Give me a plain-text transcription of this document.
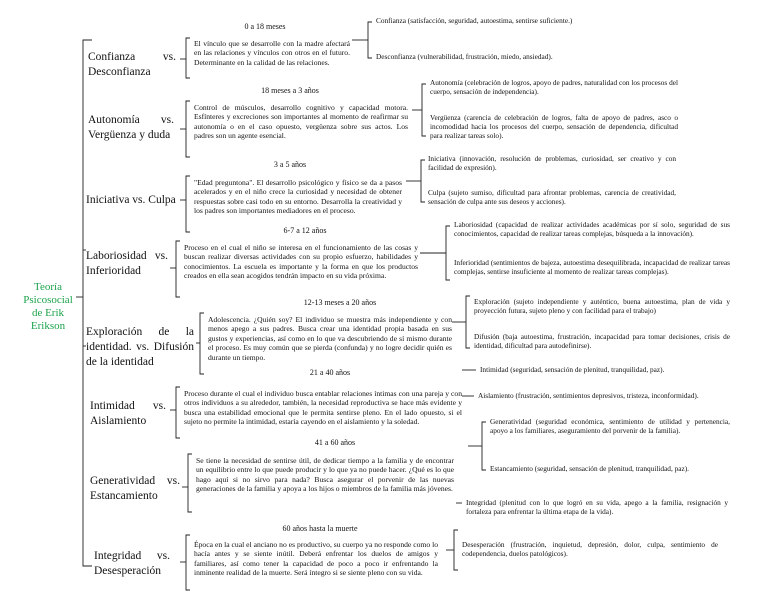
Teoría
Psicosocial
de Erik
Erikson
Confianza vs. Desconfianza
0 a 18 meses
El vínculo que se desarrolle con la madre afectará en las relaciones y vínculos con otros en el futuro. Determinante en la calidad de las relaciones.
Confianza (satisfacción, seguridad, autoestima, sentirse suficiente.)
Desconfianza (vulnerabilidad, frustración, miedo, ansiedad).
Autonomía vs. Vergüenza y duda
18 meses a 3 años
Control de músculos, desarrollo cognitivo y capacidad motora. Esfínteres y excreciones son importantes al momento de reafirmar su autonomía o en el caso opuesto, vergüenza sobre sus actos. Los padres son un agente esencial.
Autonomía (celebración de logros, apoyo de padres, naturalidad con los procesos del cuerpo, sensación de independencia).
Vergüenza (carencia de celebración de logros, falta de apoyo de padres, asco o incomodidad hacia los procesos del cuerpo, sensación de dependencia, dificultad para realizar tareas solo).
Iniciativa vs. Culpa
3 a 5 años
"Edad preguntona". El desarrollo psicológico y físico se da a pasos acelerados y en el niño crece la curiosidad y necesidad de obtener respuestas sobre casi todo en su entorno. Desarrolla la creatividad y los padres son importantes mediadores en el proceso.
Iniciativa (innovación, resolución de problemas, curiosidad, ser creativo y con facilidad de expresión).
Culpa (sujeto sumiso, dificultad para afrontar problemas, carencia de creatividad, sensación de culpa ante sus deseos y acciones).
Laboriosidad vs. Inferioridad
6-7 a 12 años
Proceso en el cual el niño se interesa en el funcionamiento de las cosas y buscan realizar diversas actividades con su propio esfuerzo, habilidades y conocimientos. La escuela es importante y la forma en que los productos creados en ella sean acogidos tendrán impacto en su vida próxima.
Laboriosidad (capacidad de realizar actividades académicas por sí solo, seguridad de sus conocimientos, capacidad de realizar tareas complejas, búsqueda a la innovación).
Inferioridad (sentimientos de bajeza, autoestima desequilibrada, incapacidad de realizar tareas complejas, sentirse insuficiente al momento de realizar tareas complejas).
Exploración de la identidad. vs. Difusión de la identidad
12-13 meses a 20 años
Adolescencia. ¿Quién soy? El individuo se muestra más independiente y con menos apego a sus padres. Busca crear una identidad propia basada en sus gustos y experiencias, así como en lo que va descubriendo de sí mismo durante el proceso. Es muy común que se pierda (confunda) y no logre decidir quién es durante un tiempo.
Exploración (sujeto independiente y auténtico, buena autoestima, plan de vida y proyección futura, sujeto pleno y con facilidad para el trabajo)
Difusión (baja autoestima, frustración, incapacidad para tomar decisiones, crisis de identidad, dificultad para autodefinirse).
Intimidad vs. Aislamiento
21 a 40 años
Proceso durante el cual el individuo busca entablar relaciones íntimas con una pareja y con otros individuos a su alrededor, también, la necesidad reproductiva se hace más evidente y busca una estabilidad emocional que le permita sentirse pleno. En el lado opuesto, si el sujeto no permite la intimidad, estaría cayendo en el aislamiento y la soledad.
Intimidad (seguridad, sensación de plenitud, tranquilidad, paz).
Aislamiento (frustración, sentimientos depresivos, tristeza, inconformidad).
Generatividad vs. Estancamiento
41 a 60 años
Se tiene la necesidad de sentirse útil, de dedicar tiempo a la familia y de encontrar un equilibrio entre lo que puede producir y lo que ya no puede hacer. ¿Qué es lo que hago aquí si no sirvo para nada? Busca asegurar el porvenir de las nuevas generaciones de la familia y apoya a los hijos o miembros de la familia más jóvenes.
Generatividad (seguridad económica, sentimiento de utilidad y pertenencia, apoyo a los familiares, aseguramiento del porvenir de la familia).
Estancamiento (seguridad, sensación de plenitud, tranquilidad, paz).
Integridad vs. Desesperación
60 años hasta la muerte
Época en la cual el anciano no es productivo, su cuerpo ya no responde como lo hacía antes y se siente inútil. Deberá enfrentar los duelos de amigos y familiares, así como tener la capacidad de poco a poco ir enfrentando la inminente realidad de la muerte. Será íntegro si se siente pleno con su vida.
Integridad (plenitud con lo que logró en su vida, apego a la familia, resignación y fortaleza para enfrentar la última etapa de la vida).
Desesperación (frustración, inquietud, depresión, dolor, culpa, sentimiento de codependencia, duelos patológicos).
